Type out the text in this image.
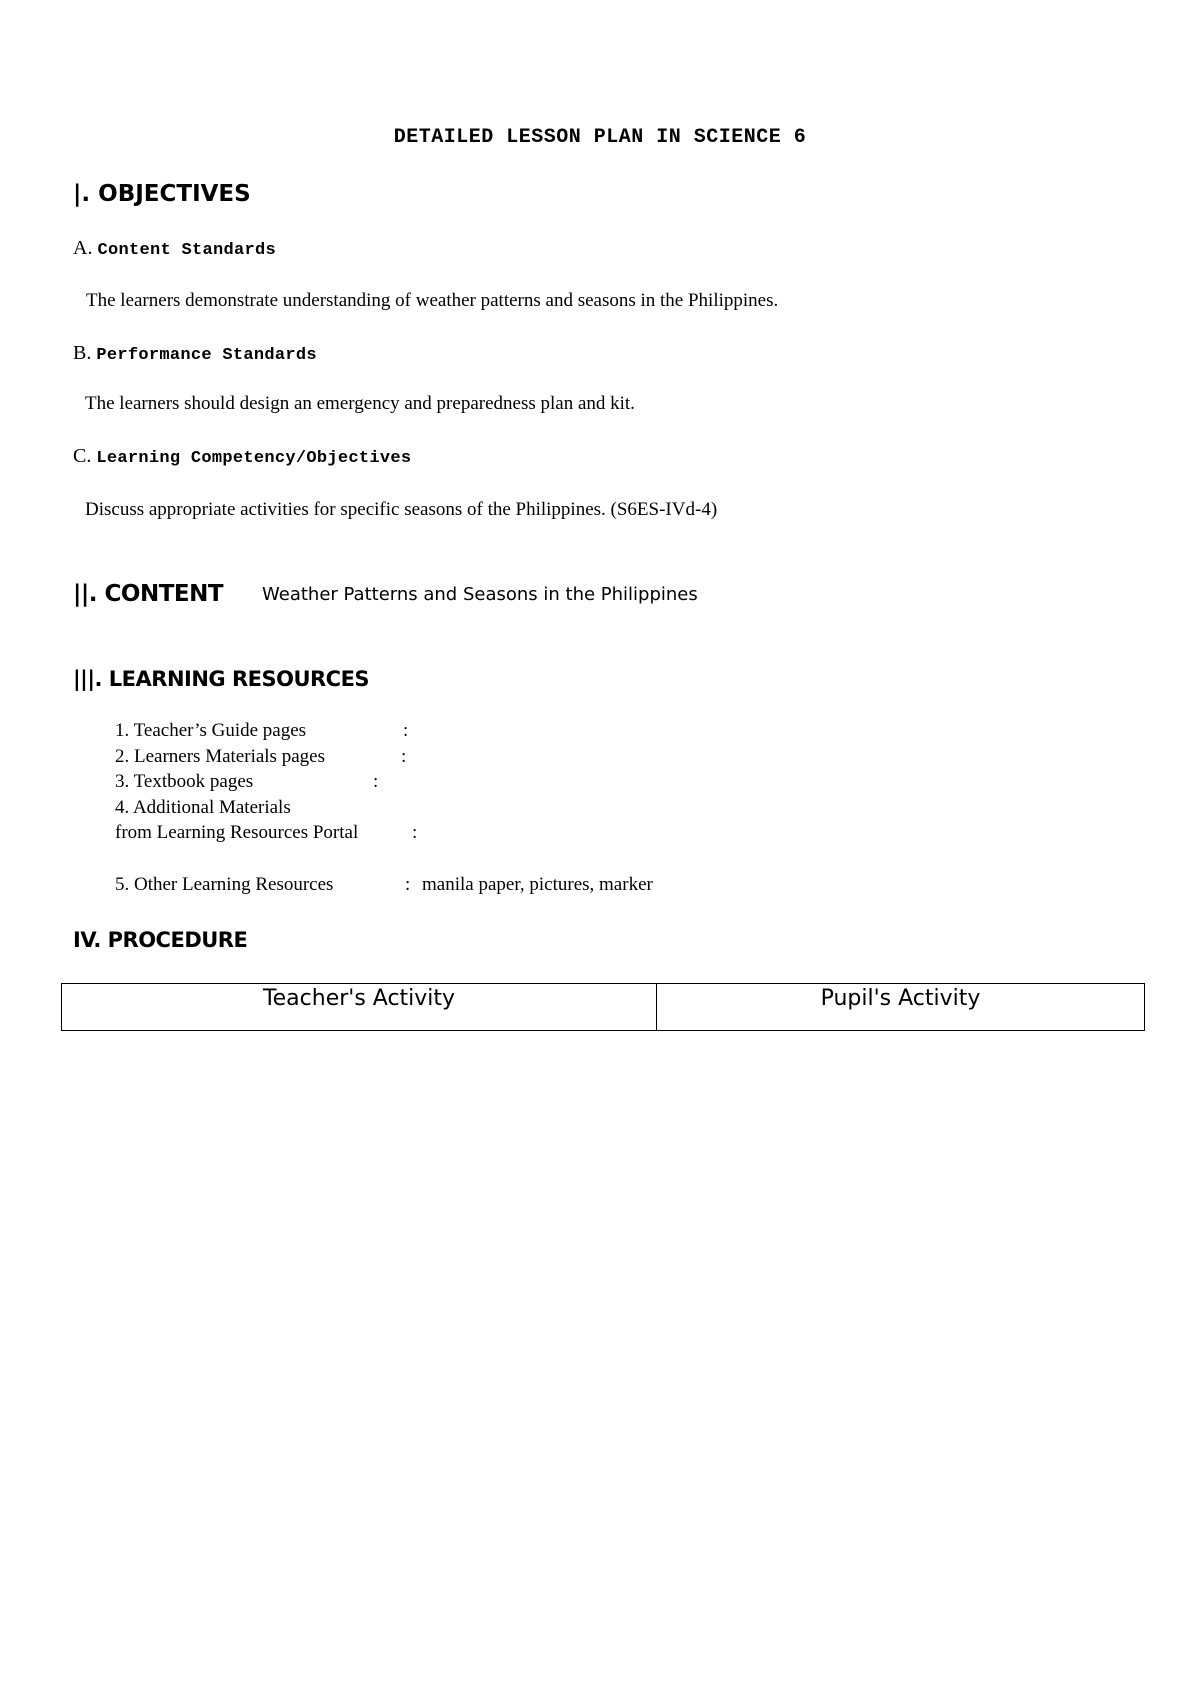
DETAILED LESSON PLAN IN SCIENCE 6
|. OBJECTIVES
A. Content Standards
The learners demonstrate understanding of weather patterns and seasons in the Philippines.
B. Performance Standards
The learners should design an emergency and preparedness plan and kit.
C. Learning Competency/Objectives
Discuss appropriate activities for specific seasons of the Philippines. (S6ES-IVd-4)
||. CONTENT Weather Patterns and Seasons in the Philippines
|||. LEARNING RESOURCES
1. Teacher’s Guide pages	:
2. Learners Materials pages	:
3. Textbook pages	:
4. Additional Materials
from Learning Resources Portal	:
5. Other Learning Resources	: manila paper, pictures, marker
IV. PROCEDURE
Teacher's Activity	Pupil's Activity
